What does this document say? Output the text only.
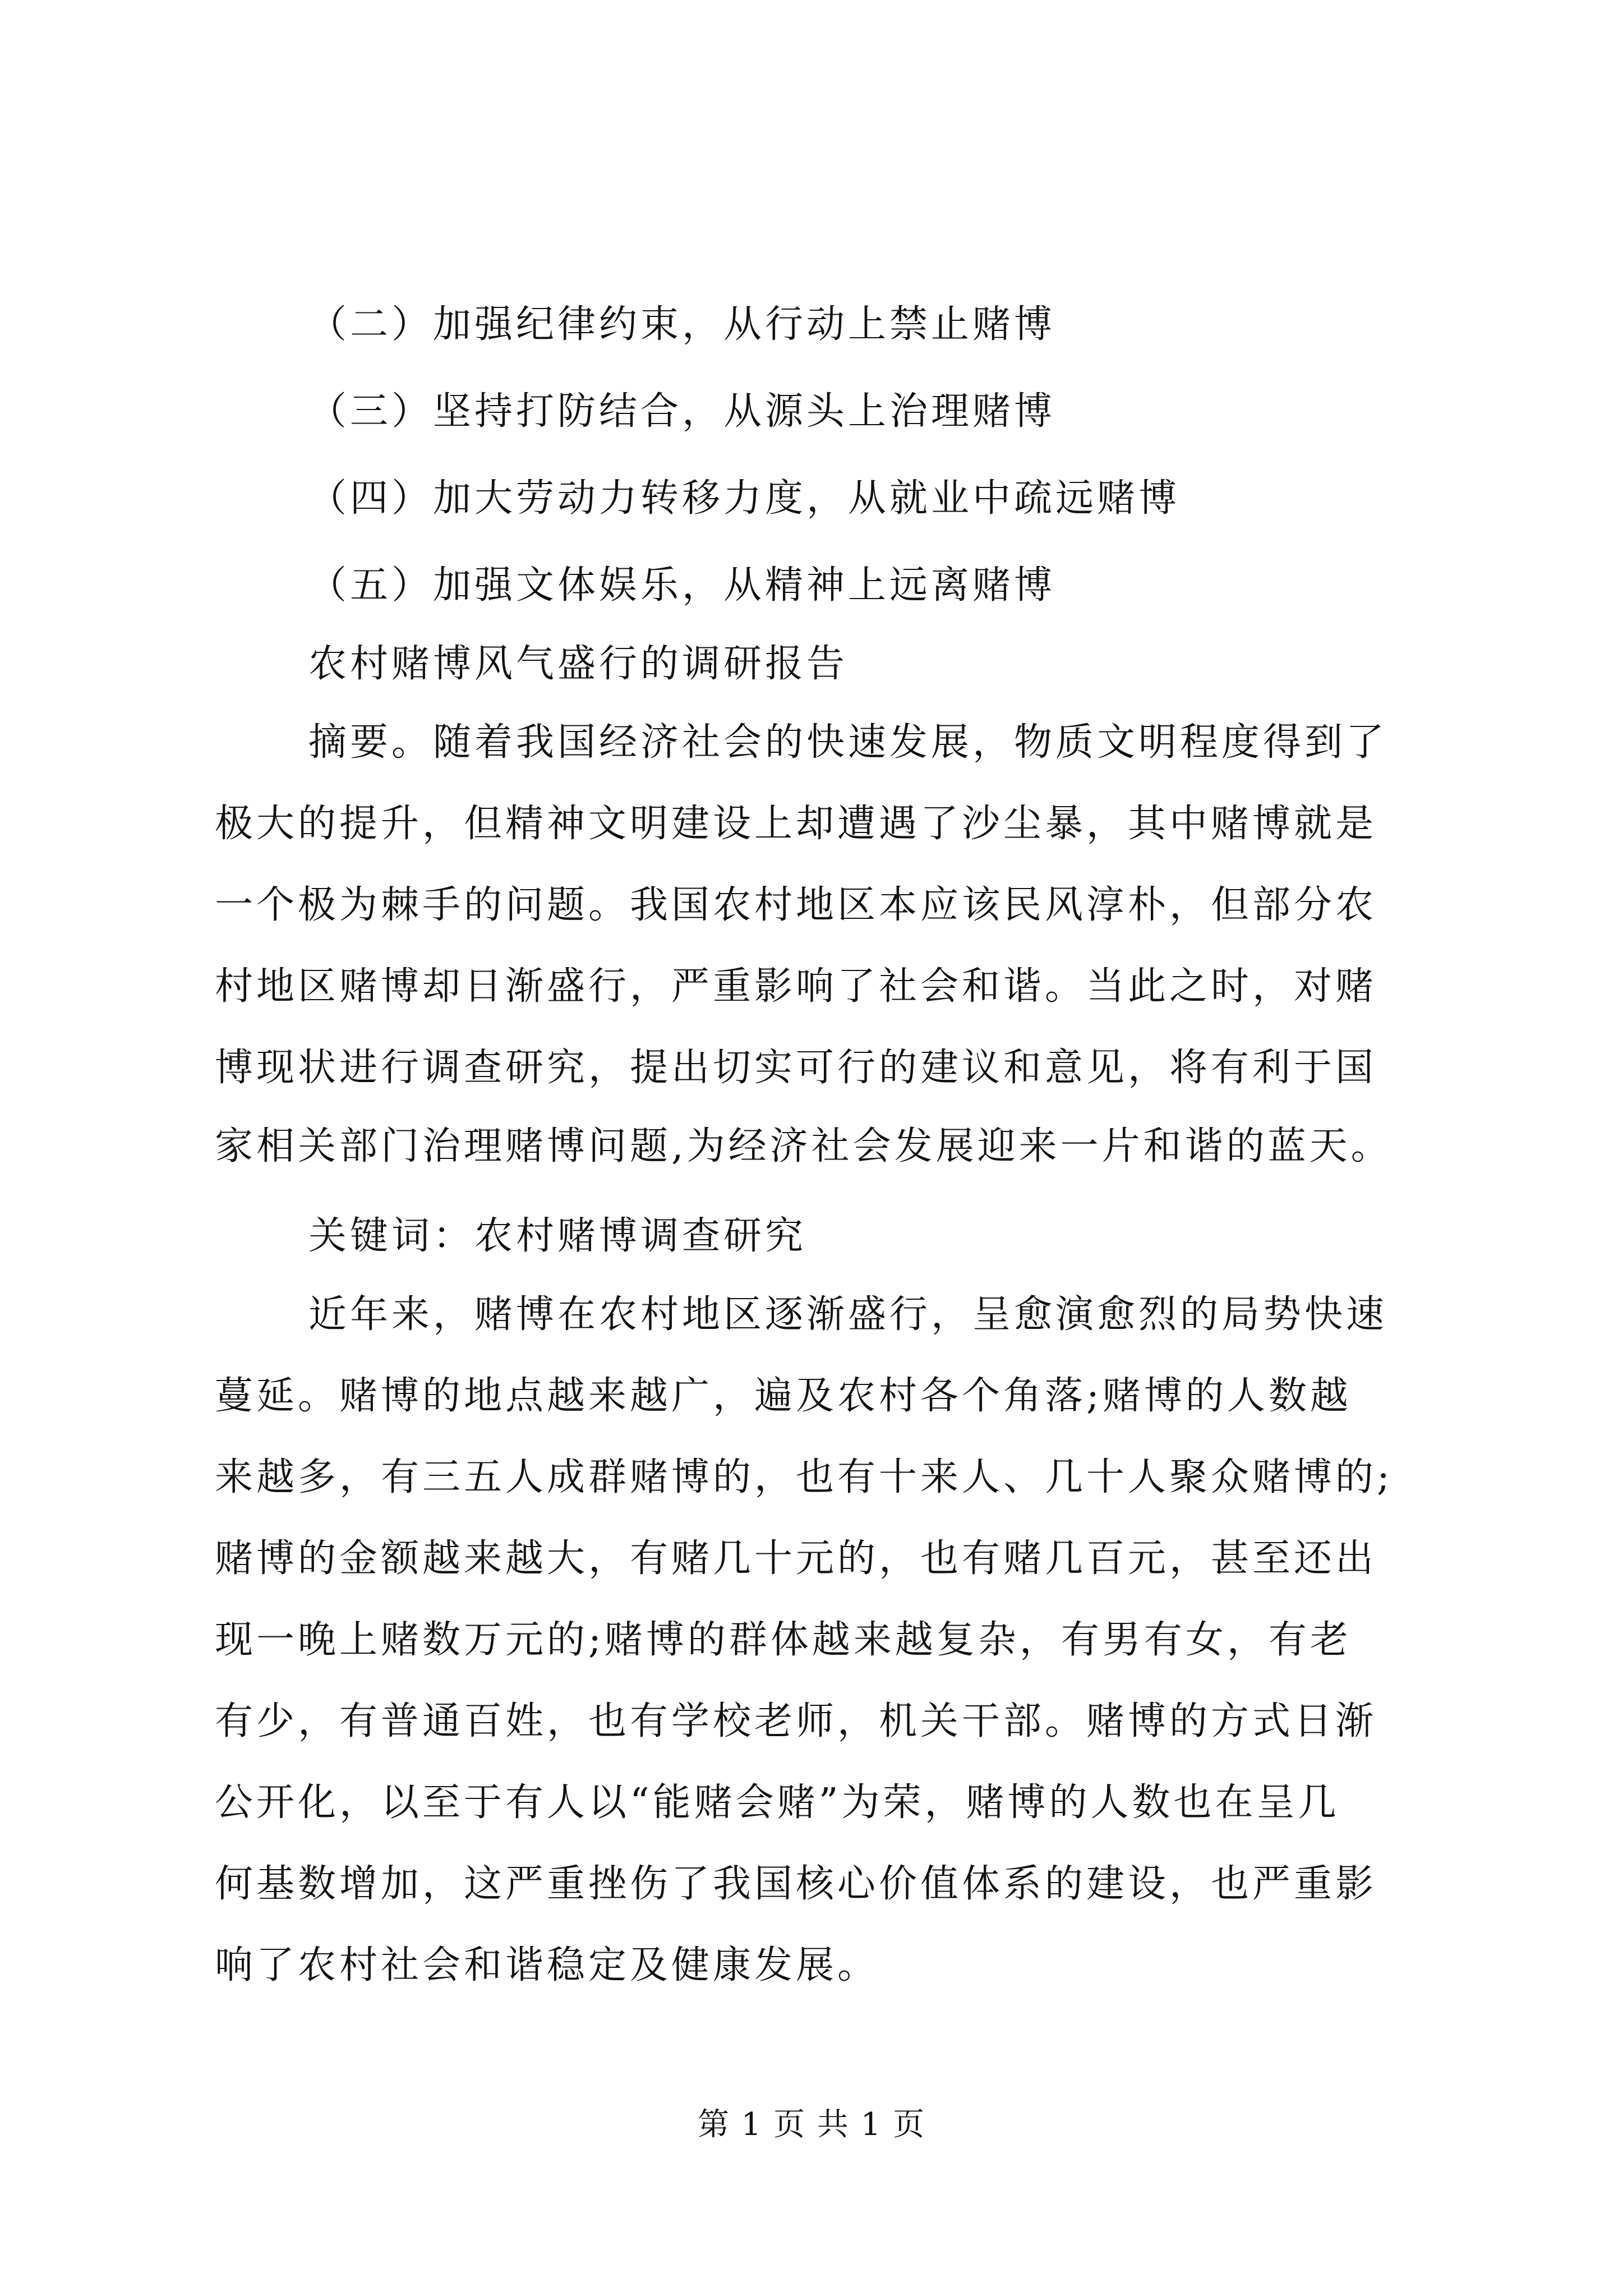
（二）加强纪律约束，从行动上禁止赌博
（三）坚持打防结合，从源头上治理赌博
（四）加大劳动力转移力度，从就业中疏远赌博
（五）加强文体娱乐，从精神上远离赌博
农村赌博风气盛行的调研报告
摘要。随着我国经济社会的快速发展，物质文明程度得到了
极大的提升，但精神文明建设上却遭遇了沙尘暴，其中赌博就是
一个极为棘手的问题。我国农村地区本应该民风淳朴，但部分农
村地区赌博却日渐盛行，严重影响了社会和谐。当此之时，对赌
博现状进行调查研究，提出切实可行的建议和意见，将有利于国
家相关部门治理赌博问题,为经济社会发展迎来一片和谐的蓝天。
关键词：农村赌博调查研究
近年来，赌博在农村地区逐渐盛行，呈愈演愈烈的局势快速
蔓延。赌博的地点越来越广，遍及农村各个角落;赌博的人数越
来越多，有三五人成群赌博的，也有十来人、几十人聚众赌博的;
赌博的金额越来越大，有赌几十元的，也有赌几百元，甚至还出
现一晚上赌数万元的;赌博的群体越来越复杂，有男有女，有老
有少，有普通百姓，也有学校老师，机关干部。赌博的方式日渐
公开化，以至于有人以“能赌会赌”为荣，赌博的人数也在呈几
何基数增加，这严重挫伤了我国核心价值体系的建设，也严重影
响了农村社会和谐稳定及健康发展。
第 1 页 共 1 页
